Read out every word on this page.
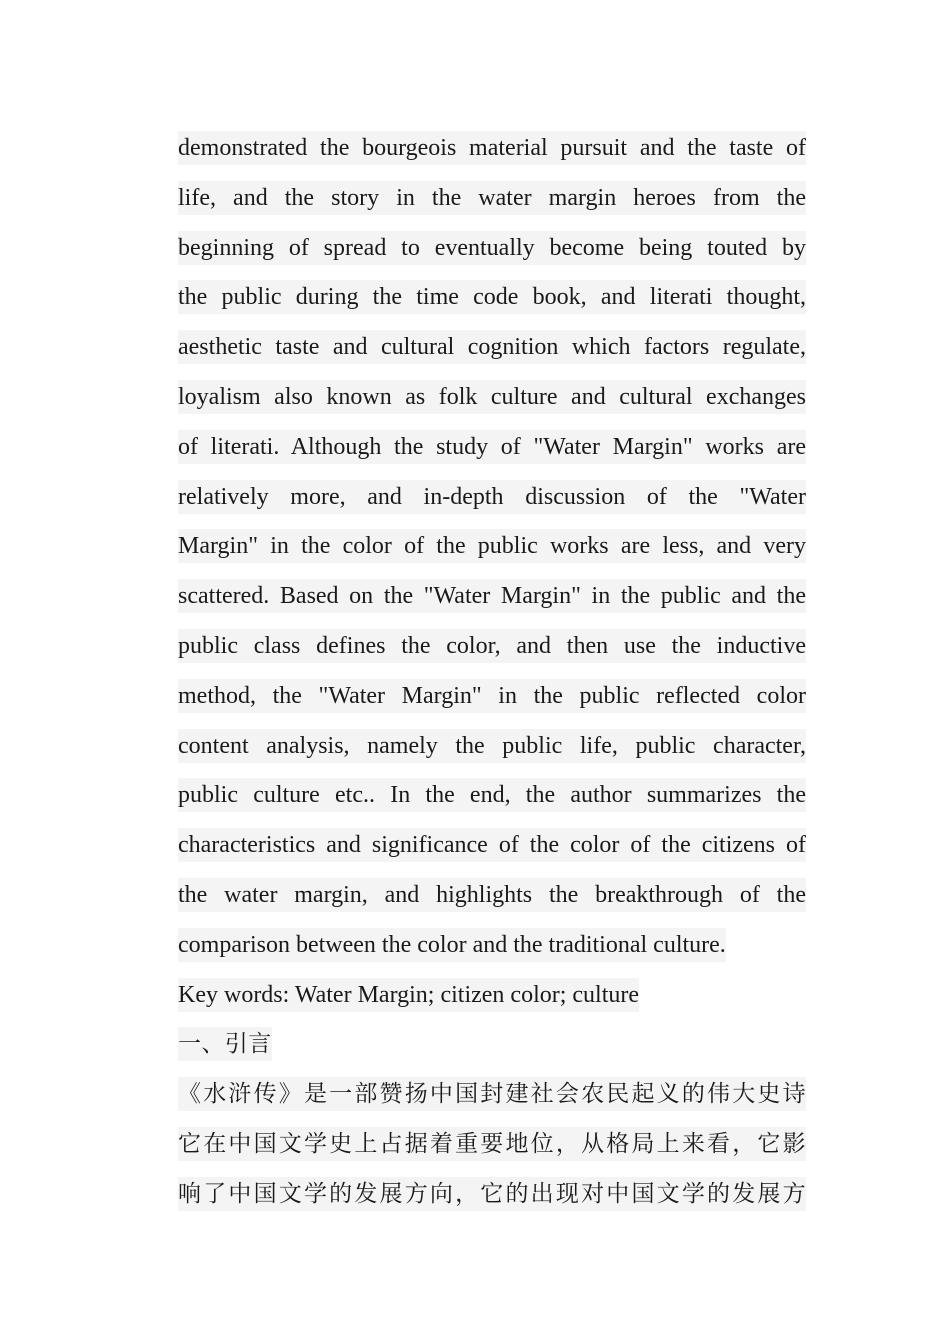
demonstrated the bourgeois material pursuit and the taste of
life, and the story in the water margin heroes from the
beginning of spread to eventually become being touted by
the public during the time code book, and literati thought,
aesthetic taste and cultural cognition which factors regulate,
loyalism also known as folk culture and cultural exchanges
of literati. Although the study of "Water Margin" works are
relatively more, and in-depth discussion of the "Water
Margin" in the color of the public works are less, and very
scattered. Based on the "Water Margin" in the public and the
public class defines the color, and then use the inductive
method, the "Water Margin" in the public reflected color
content analysis, namely the public life, public character,
public culture etc.. In the end, the author summarizes the
characteristics and significance of the color of the citizens of
the water margin, and highlights the breakthrough of the
comparison between the color and the traditional culture.
Key words: Water Margin; citizen color; culture
一、引言
《水浒传》是一部赞扬中国封建社会农民起义的伟大史诗
它在中国文学史上占据着重要地位，从格局上来看，它影
响了中国文学的发展方向，它的出现对中国文学的发展方
